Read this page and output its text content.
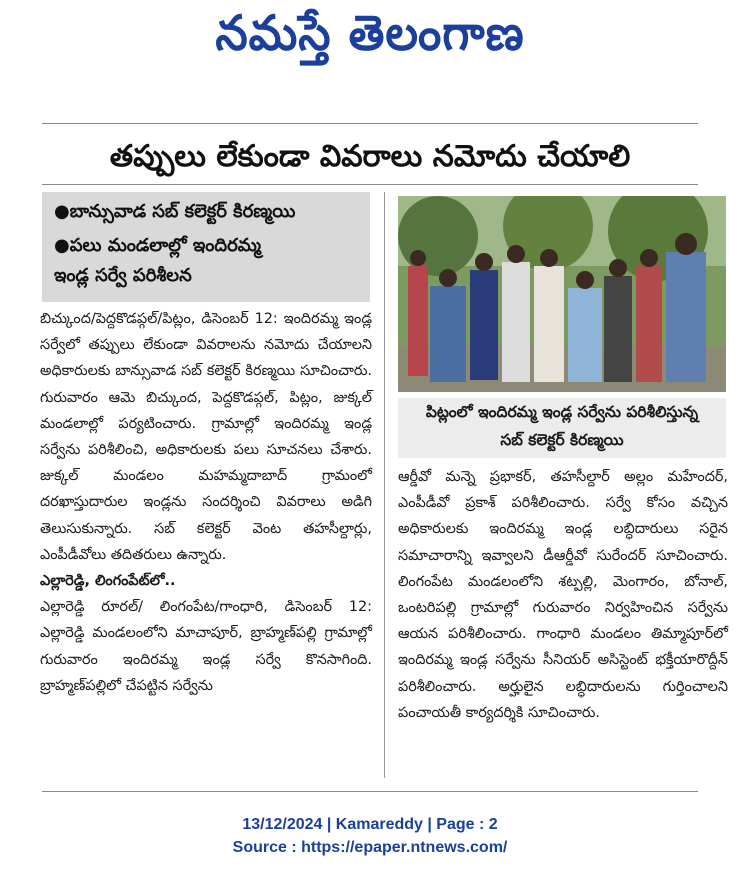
నమస్తే తెలంగాణ
తప్పులు లేకుండా వివరాలు నమోదు చేయాలి
●బాన్సువాడ సబ్ కలెక్టర్ కిరణ్మయి
●పలు మండలాల్లో ఇందిరమ్మ
ఇండ్ల సర్వే పరిశీలన

బిచ్కుంద/పెద్దకొడప్గల్/పిట్లం, డిసెంబర్ 12: ఇందిరమ్మ ఇండ్ల సర్వేలో తప్పులు లేకుండా వివరాలను నమోదు చేయాలని అధికారులకు బాన్సువాడ సబ్ కలెక్టర్ కిరణ్మయి సూచించారు. గురువారం ఆమె బిచ్కుంద, పెద్దకొడప్గల్, పిట్లం, జుక్కల్ మండలాల్లో పర్యటించారు. గ్రామాల్లో ఇందిరమ్మ ఇండ్ల సర్వేను పరిశీలించి, అధికారులకు పలు సూచనలు చేశారు. జుక్కల్ మండలం మహమ్మదాబాద్ గ్రామంలో దరఖాస్తుదారుల ఇండ్లను సందర్శించి వివరాలు అడిగి తెలుసుకున్నారు. సబ్ కలెక్టర్ వెంట తహసీల్దార్లు, ఎంపీడీవోలు తదితరులు ఉన్నారు.

ఎల్లారెడ్డి, లింగంపేట్‌లో..

ఎల్లారెడ్డి రూరల్/ లింగంపేట/గాంధారి, డిసెంబర్ 12: ఎల్లారెడ్డి మండలంలోని మాచాపూర్, బ్రాహ్మణ్‌పల్లి గ్రామాల్లో గురువారం ఇందిరమ్మ ఇండ్ల సర్వే కొనసాగింది. బ్రాహ్మణ్‌పల్లిలో చేపట్టిన సర్వేను

పిట్లంలో ఇందిరమ్మ ఇండ్ల సర్వేను పరిశీలిస్తున్న
సబ్ కలెక్టర్ కిరణ్మయి

ఆర్డీవో మన్నె ప్రభాకర్, తహసీల్దార్ అల్లం మహేందర్, ఎంపీడీవో ప్రకాశ్ పరిశీలించారు. సర్వే కోసం వచ్చిన అధికారులకు ఇందిరమ్మ ఇండ్ల లబ్ధిదారులు సరైన సమాచారాన్ని ఇవ్వాలని డీఆర్డీవో సురేందర్ సూచించారు. లింగంపేట మండలంలోని శట్పల్లి, మెంగారం, బోనాల్, ఒంటరిపల్లి గ్రామాల్లో గురువారం నిర్వహించిన సర్వేను ఆయన పరిశీలించారు. గాంధారి మండలం తిమ్మాపూర్‌లో ఇందిరమ్మ ఇండ్ల సర్వేను సీనియర్ అసిస్టెంట్ భక్తీయారొద్దీన్ పరిశీలించారు. అర్హులైన లబ్ధిదారులను గుర్తించాలని పంచాయతీ కార్యదర్శికి సూచించారు.

13/12/2024 | Kamareddy | Page : 2
Source : https://epaper.ntnews.com/
